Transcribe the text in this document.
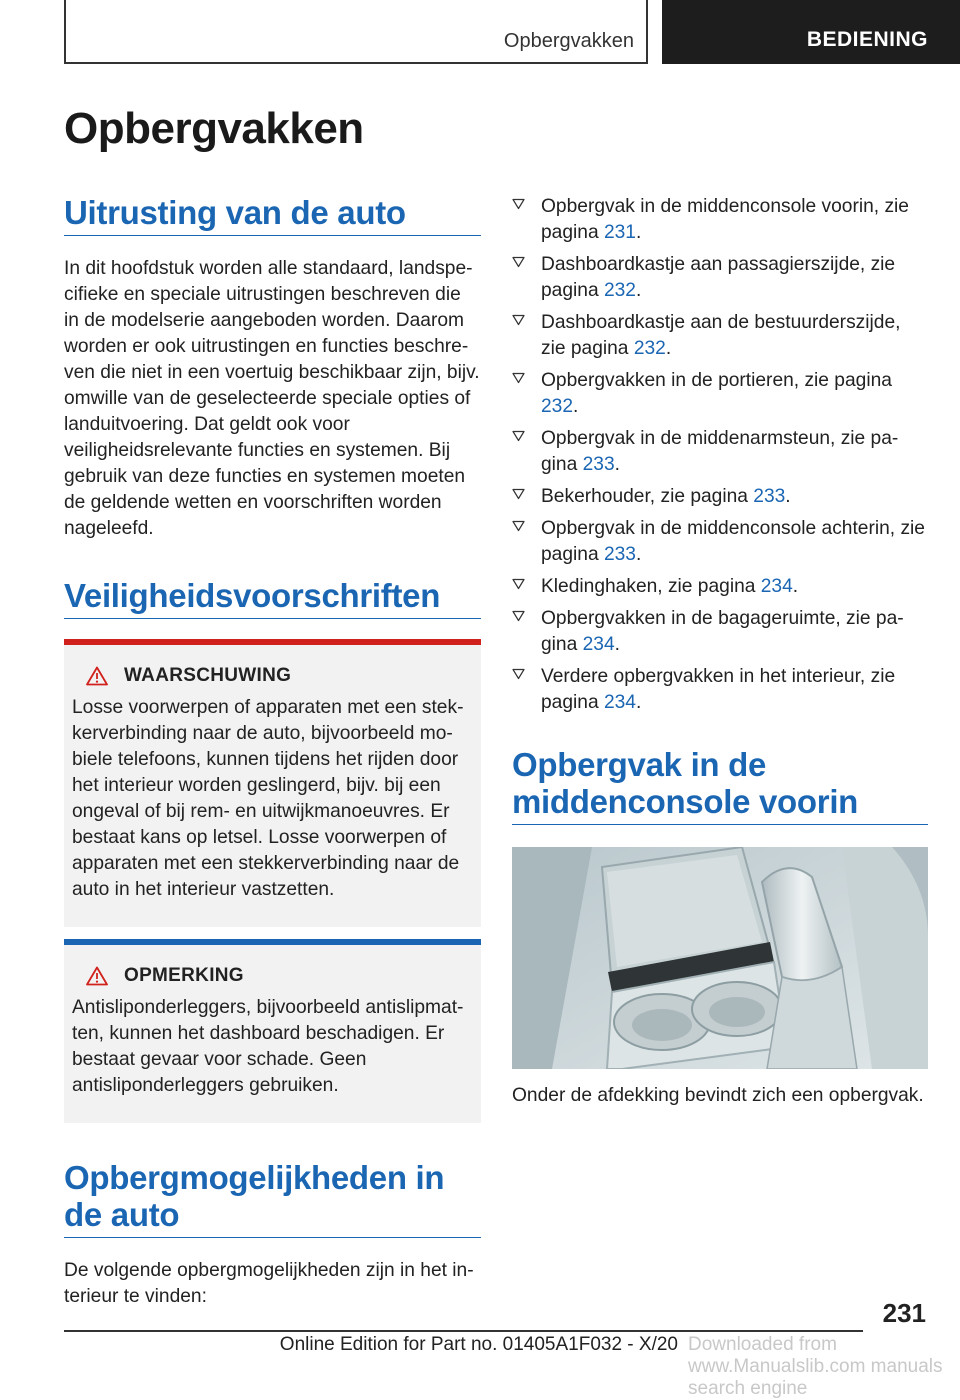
Opbergvakken	BEDIENING
Opbergvakken
Uitrusting van de auto

In dit hoofdstuk worden alle standaard, landspecifieke en speciale uitrustingen beschreven die in de modelserie aangeboden worden. Daarom worden er ook uitrustingen en functies beschreven die niet in een voertuig beschikbaar zijn, bijv. omwille van de geselecteerde speciale opties of landuitvoering. Dat geldt ook voor veiligheidsrelevante functies en systemen. Bij gebruik van deze functies en systemen moeten de geldende wetten en voorschriften worden nageleefd.

Veiligheidsvoorschriften
WAARSCHUWING

Losse voorwerpen of apparaten met een stekkerverbinding naar de auto, bijvoorbeeld mobiele telefoons, kunnen tijdens het rijden door het interieur worden geslingerd, bijv. bij een ongeval of bij rem- en uitwijkmanoeuvres. Er bestaat kans op letsel. Losse voorwerpen of apparaten met een stekkerverbinding naar de auto in het interieur vastzetten.

OPMERKING

Antisliponderleggers, bijvoorbeeld antislipmatten, kunnen het dashboard beschadigen. Er bestaat gevaar voor schade. Geen antisliponderleggers gebruiken.

Opbergmogelijkheden in de auto

De volgende opbergmogelijkheden zijn in het interieur te vinden:

Opbergvak in de middenconsole voorin, zie pagina 231.
Dashboardkastje aan passagierszijde, zie pagina 232.
Dashboardkastje aan de bestuurderszijde, zie pagina 232.
Opbergvakken in de portieren, zie pagina 232.
Opbergvak in de middenarmsteun, zie pagina 233.
Bekerhouder, zie pagina 233.
Opbergvak in de middenconsole achterin, zie pagina 233.
Kledinghaken, zie pagina 234.
Opbergvakken in de bagageruimte, zie pagina 234.
Verdere opbergvakken in het interieur, zie pagina 234.
Opbergvak in de middenconsole voorin

Onder de afdekking bevindt zich een opbergvak.

231
Online Edition for Part no. 01405A1F032 - X/20 Downloaded from www.Manualslib.com manuals search engine
